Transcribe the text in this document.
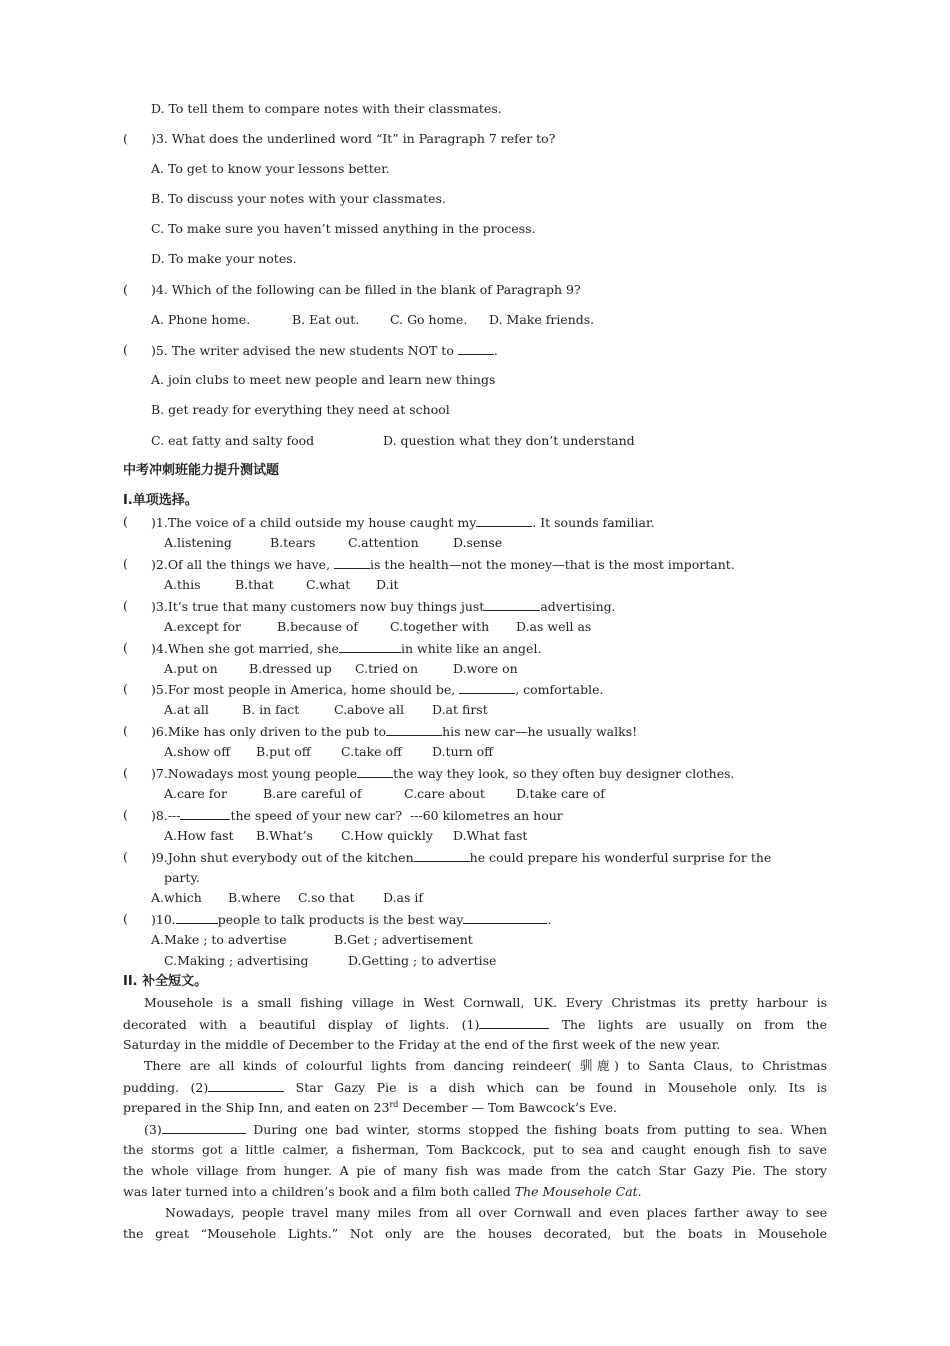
D. To tell them to compare notes with their classmates.
( )3. What does the underlined word “It” in Paragraph 7 refer to?
A. To get to know your lessons better.
B. To discuss your notes with your classmates.
C. To make sure you haven’t missed anything in the process.
D. To make your notes.
( )4. Which of the following can be filled in the blank of Paragraph 9?
A. Phone home.	B. Eat out. C. Go home. D. Make friends.
( )5. The writer advised the new students NOT to	.
A. join clubs to meet new people and learn new things
B. get ready for everything they need at school
C. eat fatty and salty food	D. question what they don’t understand
中考冲刺班能力提升测试题
I.单项选择。
( )1.The voice of a child outside my house caught my	. It sounds familiar.
A.listening	B.tears	C.attention	D.sense
( )2.Of all the things we have,	is the health—not the money—that is the most important.
A.this	B.that	C.what D.it
( )3.It’s true that many customers now buy things just	advertising.
A.except for	B.because of	C.together with D.as well as
( )4.When she got married, she	in white like an angel.
A.put on	B.dressed up C.tried on	D.wore on
( )5.For most people in America, home should be,	, comfortable.
A.at all	B. in fact	C.above all D.at first
( )6.Mike has only driven to the pub to	his new car—he usually walks!
A.show off B.put off C.take off D.turn off
( )7.Nowadays most young people	the way they look, so they often buy designer clothes.
A.care for	B.are careful of	C.care about D.take care of
( )8.---	the speed of your new car?  ---60 kilometres an hour
A.How fast B.What’s C.How quickly D.What fast
( )9.John shut everybody out of the kitchen	he could prepare his wonderful surprise for the
party.
A.which B.where C.so that D.as if
( )10.	people to talk products is the best way	.
A.Make ; to advertise	B.Get ; advertisement
C.Making ; advertising	D.Getting ; to advertise
II. 补全短文。
Mousehole is a small fishing village in West Cornwall, UK. Every Christmas its pretty harbour is
decorated with a beautiful display of lights. (1)	The lights are usually on from the
Saturday in the middle of December to the Friday at the end of the first week of the new year.
There are all kinds of colourful lights from dancing reindeer( 驯鹿) to Santa Claus, to Christmas
pudding. (2)	Star Gazy Pie is a dish which can be found in Mousehole only. Its is
prepared in the Ship Inn, and eaten on 23rd December — Tom Bawcock’s Eve.
(3)	During one bad winter, storms stopped the fishing boats from putting to sea. When
the storms got a little calmer, a fisherman, Tom Backcock, put to sea and caught enough fish to save
the whole village from hunger. A pie of many fish was made from the catch Star Gazy Pie. The story
was later turned into a children’s book and a film both called The Mousehole Cat.
Nowadays, people travel many miles from all over Cornwall and even places farther away to see
the great “Mousehole Lights.” Not only are the houses decorated, but the boats in Mousehole
